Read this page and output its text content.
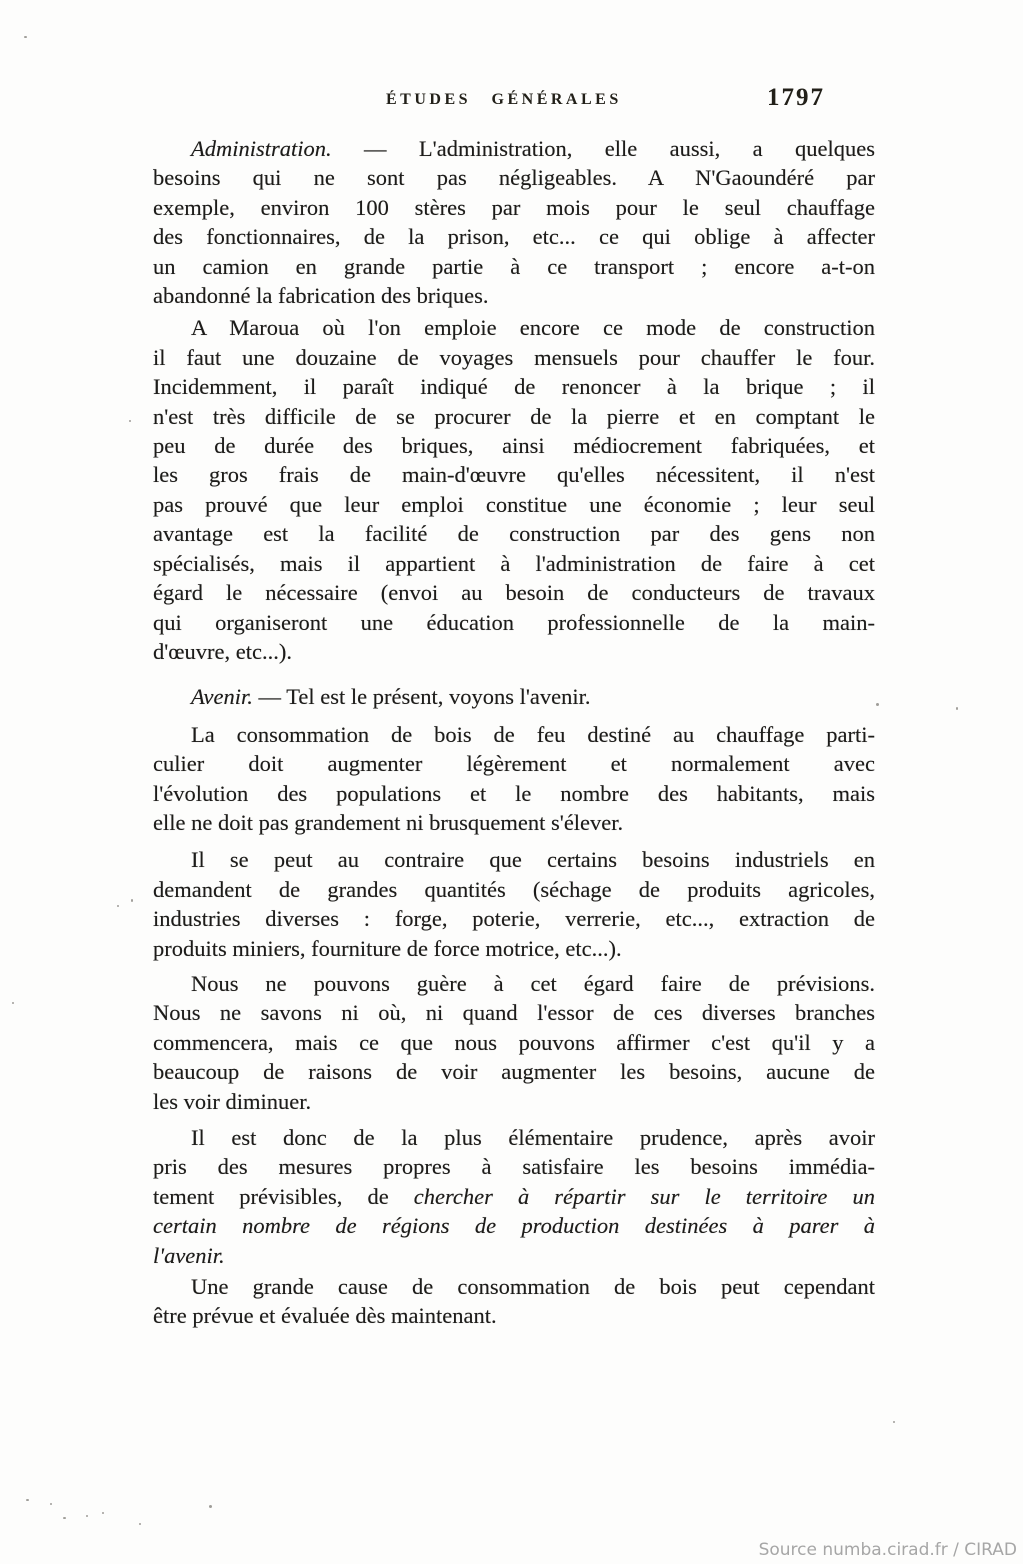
ÉTUDES GÉNÉRALES	1797
Administration. — L'administration, elle aussi, a quelques
besoins qui ne sont pas négligeables. A N'Gaoundéré par
exemple, environ 100 stères par mois pour le seul chauffage
des fonctionnaires, de la prison, etc... ce qui oblige à affecter
un camion en grande partie à ce transport ; encore a-t-on
abandonné la fabrication des briques.
A Maroua où l'on emploie encore ce mode de construction
il faut une douzaine de voyages mensuels pour chauffer le four.
Incidemment, il paraît indiqué de renoncer à la brique ; il
n'est très difficile de se procurer de la pierre et en comptant le
peu de durée des briques, ainsi médiocrement fabriquées, et
les gros frais de main-d'œuvre qu'elles nécessitent, il n'est
pas prouvé que leur emploi constitue une économie ; leur seul
avantage est la facilité de construction par des gens non
spécialisés, mais il appartient à l'administration de faire à cet
égard le nécessaire (envoi au besoin de conducteurs de travaux
qui organiseront une éducation professionnelle de la main-
d'œuvre, etc...).
Avenir. — Tel est le présent, voyons l'avenir.
La consommation de bois de feu destiné au chauffage parti-
culier doit augmenter légèrement et normalement avec
l'évolution des populations et le nombre des habitants, mais
elle ne doit pas grandement ni brusquement s'élever.
Il se peut au contraire que certains besoins industriels en
demandent de grandes quantités (séchage de produits agricoles,
industries diverses : forge, poterie, verrerie, etc..., extraction de
produits miniers, fourniture de force motrice, etc...).
Nous ne pouvons guère à cet égard faire de prévisions.
Nous ne savons ni où, ni quand l'essor de ces diverses branches
commencera, mais ce que nous pouvons affirmer c'est qu'il y a
beaucoup de raisons de voir augmenter les besoins, aucune de
les voir diminuer.
Il est donc de la plus élémentaire prudence, après avoir
pris des mesures propres à satisfaire les besoins immédia-
tement prévisibles, de chercher à répartir sur le territoire un
certain nombre de régions de production destinées à parer à
l'avenir.
Une grande cause de consommation de bois peut cependant
être prévue et évaluée dès maintenant.
Source numba.cirad.fr / CIRAD
